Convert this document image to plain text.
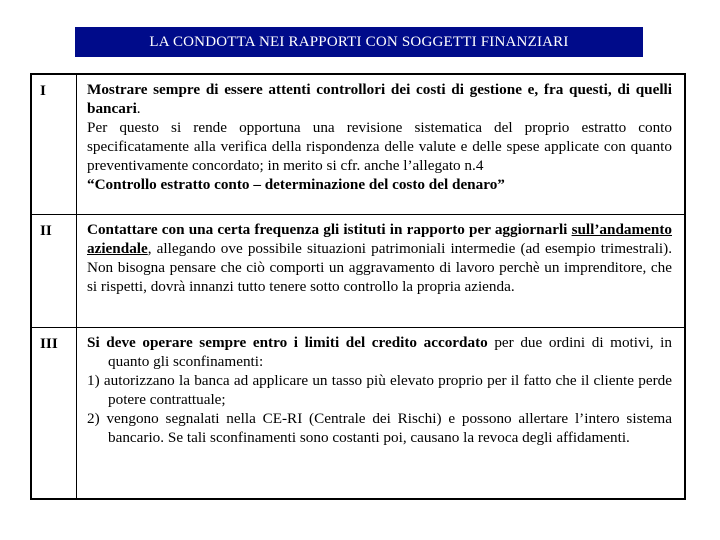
LA CONDOTTA NEI RAPPORTI CON SOGGETTI FINANZIARI
I	Mostrare sempre di essere attenti controllori dei costi di gestione e, fra questi, di quelli bancari.

Per questo si rende opportuna una revisione sistematica del proprio estratto conto specificatamente alla verifica della rispondenza delle valute e delle spese applicate con quanto preventivamente concordato; in merito si cfr. anche l’allegato n.4

“Controllo estratto conto – determinazione del costo del denaro”

II	Contattare con una certa frequenza gli istituti in rapporto per aggiornarli sull’andamento aziendale, allegando ove possibile situazioni patrimoniali intermedie (ad esempio trimestrali). Non bisogna pensare che ciò comporti un aggravamento di lavoro perchè un imprenditore, che si rispetti, dovrà innanzi tutto tenere sotto controllo la propria azienda.

III	Si deve operare sempre entro i limiti del credito accordato per due ordini di motivi, in quanto gli sconfinamenti:

1) autorizzano la banca ad applicare un tasso più elevato proprio per il fatto che il cliente perde potere contrattuale;

2) vengono segnalati nella CE-RI (Centrale dei Rischi) e possono allertare l’intero sistema bancario. Se tali sconfinamenti sono costanti poi, causano la revoca degli affidamenti.
